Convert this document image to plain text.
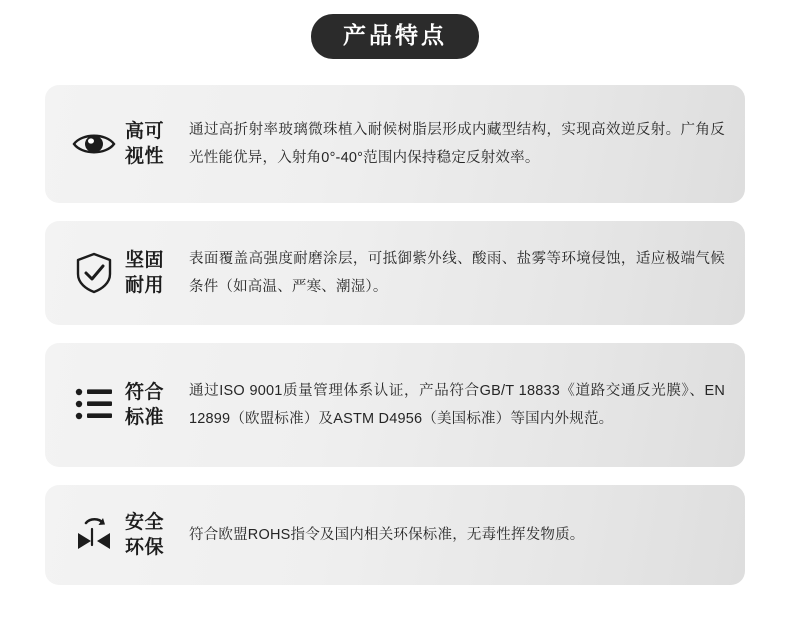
产品特点
高可
视性
通过高折射率玻璃微珠植入耐候树脂层形成内藏型结构，实现高效逆反射。广角反光性能优异，入射角0°-40°范围内保持稳定反射效率。
坚固
耐用
表面覆盖高强度耐磨涂层，可抵御紫外线、酸雨、盐雾等环境侵蚀，适应极端气候条件（如高温、严寒、潮湿）。
符合
标准
通过ISO 9001质量管理体系认证，产品符合GB/T 18833《道路交通反光膜》、EN 12899（欧盟标准）及ASTM D4956（美国标准）等国内外规范。
安全
环保
符合欧盟ROHS指令及国内相关环保标准，无毒性挥发物质。
